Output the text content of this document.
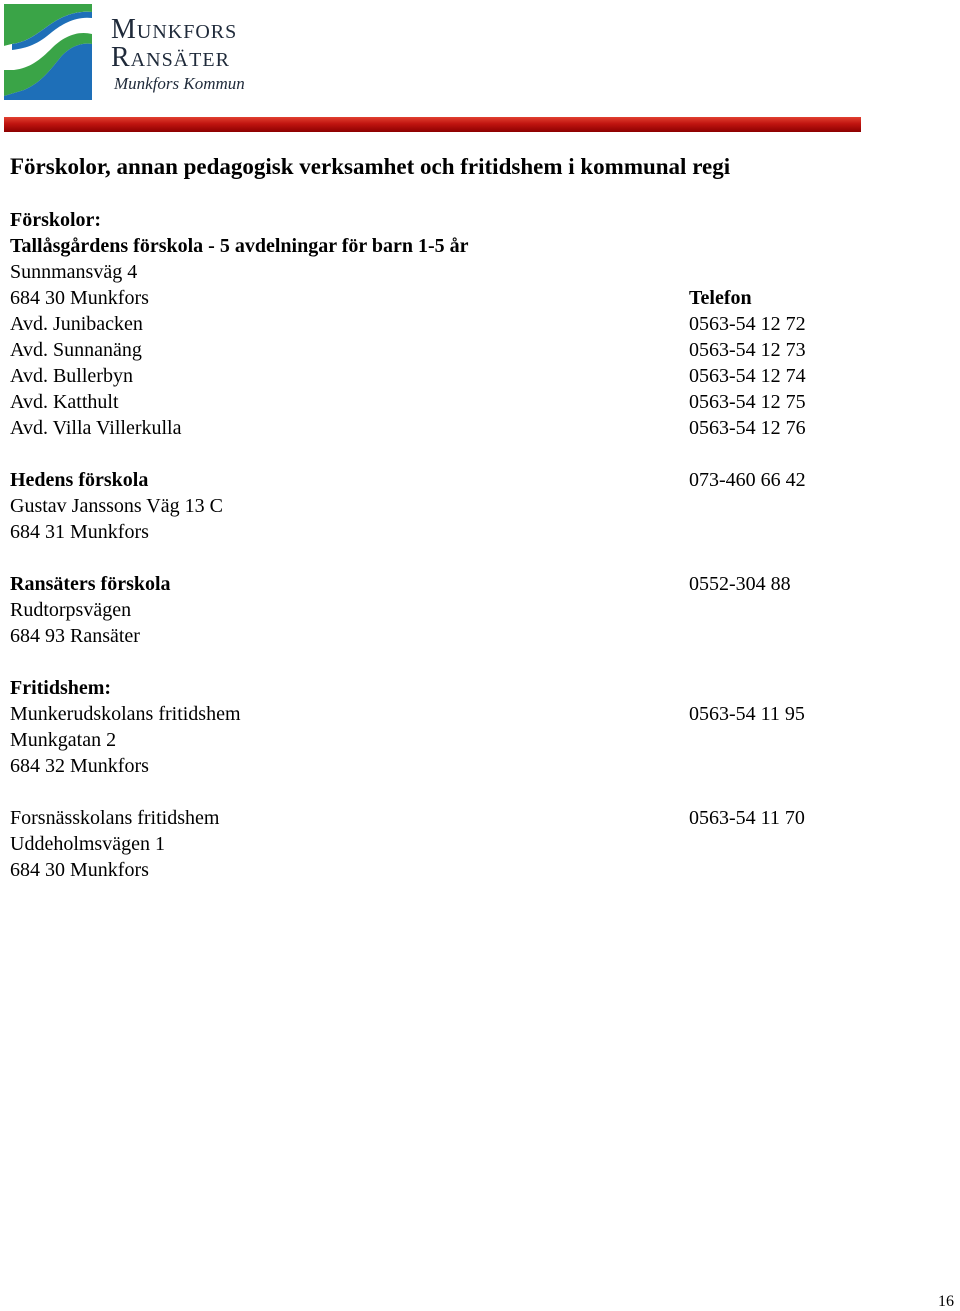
Munkfors
Ransäter
Munkfors Kommun
Förskolor, annan pedagogisk verksamhet och fritidshem i kommunal regi
Förskolor:
Tallåsgårdens förskola - 5 avdelningar för barn 1-5 år
Sunnmansväg 4
684 30 Munkfors	Telefon
Avd. Junibacken	0563-54 12 72
Avd. Sunnanäng	0563-54 12 73
Avd. Bullerbyn	0563-54 12 74
Avd. Katthult	0563-54 12 75
Avd. Villa Villerkulla	0563-54 12 76
Hedens förskola	073-460 66 42
Gustav Janssons Väg 13 C
684 31 Munkfors
Ransäters förskola	0552-304 88
Rudtorpsvägen
684 93 Ransäter
Fritidshem:
Munkerudskolans fritidshem	0563-54 11 95
Munkgatan 2
684 32 Munkfors
Forsnässkolans fritidshem	0563-54 11 70
Uddeholmsvägen 1
684 30 Munkfors
16
